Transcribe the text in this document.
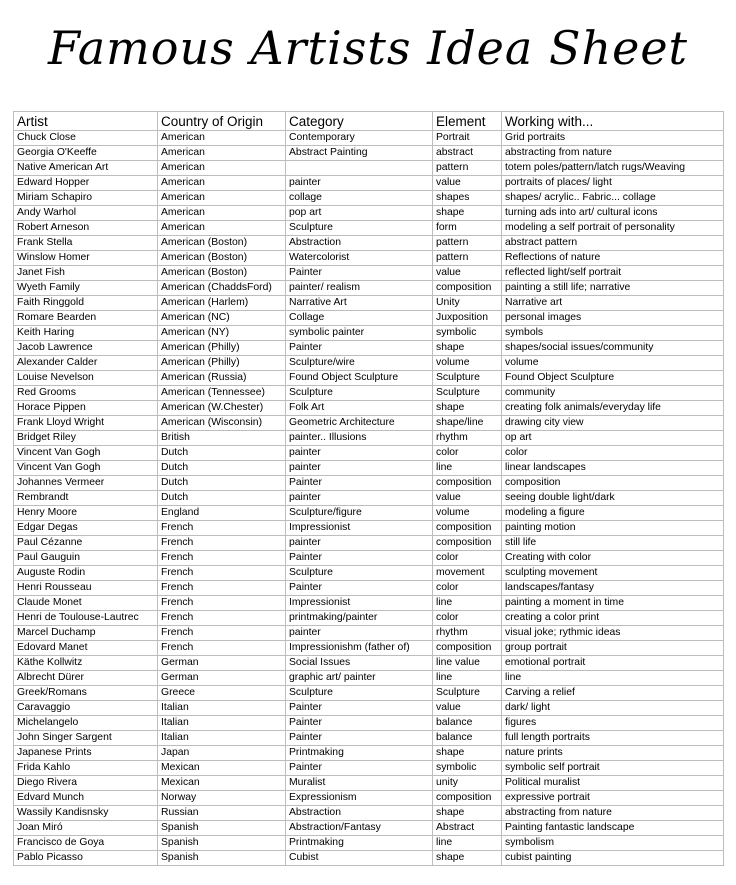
Famous Artists Idea Sheet
Artist	Country of Origin	Category	Element	Working with...
Chuck Close	American	Contemporary	Portrait	Grid portraits
Georgia O'Keeffe	American	Abstract Painting	abstract	abstracting from nature
Native American Art	American		pattern	totem poles/pattern/latch rugs/Weaving
Edward Hopper	American	painter	value	portraits of places/ light
Miriam Schapiro	American	collage	shapes	shapes/ acrylic.. Fabric... collage
Andy Warhol	American	pop art	shape	turning ads into art/ cultural icons
Robert Arneson	American	Sculpture	form	modeling a self portrait of personality
Frank Stella	American (Boston)	Abstraction	pattern	abstract pattern
Winslow Homer	American (Boston)	Watercolorist	pattern	Reflections of nature
Janet Fish	American (Boston)	Painter	value	reflected light/self portrait
Wyeth Family	American (ChaddsFord)	painter/ realism	composition	painting a still life; narrative
Faith Ringgold	American (Harlem)	Narrative Art	Unity	Narrative art
Romare Bearden	American (NC)	Collage	Juxposition	personal images
Keith Haring	American (NY)	symbolic painter	symbolic	symbols
Jacob Lawrence	American (Philly)	Painter	shape	shapes/social issues/community
Alexander Calder	American (Philly)	Sculpture/wire	volume	volume
Louise Nevelson	American (Russia)	Found Object Sculpture	Sculpture	Found Object Sculpture
Red Grooms	American (Tennessee)	Sculpture	Sculpture	community
Horace Pippen	American (W.Chester)	Folk Art	shape	creating folk animals/everyday life
Frank Lloyd Wright	American (Wisconsin)	Geometric Architecture	shape/line	drawing city view
Bridget Riley	British	painter.. Illusions	rhythm	op art
Vincent Van Gogh	Dutch	painter	color	color
Vincent Van Gogh	Dutch	painter	line	linear landscapes
Johannes Vermeer	Dutch	Painter	composition	composition
Rembrandt	Dutch	painter	value	seeing double light/dark
Henry Moore	England	Sculpture/figure	volume	modeling a figure
Edgar Degas	French	Impressionist	composition	painting motion
Paul Cézanne	French	painter	composition	still life
Paul Gauguin	French	Painter	color	Creating with color
Auguste Rodin	French	Sculpture	movement	sculpting movement
Henri Rousseau	French	Painter	color	landscapes/fantasy
Claude Monet	French	Impressionist	line	painting a moment in time
Henri de Toulouse-Lautrec	French	printmaking/painter	color	creating a color print
Marcel Duchamp	French	painter	rhythm	visual joke; rythmic ideas
Edovard Manet	French	Impressionishm (father of)	composition	group portrait
Käthe Kollwitz	German	Social Issues	line value	emotional portrait
Albrecht Dürer	German	graphic art/ painter	line	line
Greek/Romans	Greece	Sculpture	Sculpture	Carving a relief
Caravaggio	Italian	Painter	value	dark/ light
Michelangelo	Italian	Painter	balance	figures
John Singer Sargent	Italian	Painter	balance	full length portraits
Japanese Prints	Japan	Printmaking	shape	nature prints
Frida Kahlo	Mexican	Painter	symbolic	symbolic self portrait
Diego Rivera	Mexican	Muralist	unity	Political muralist
Edvard Munch	Norway	Expressionism	composition	expressive portrait
Wassily Kandisnsky	Russian	Abstraction	shape	abstracting from nature
Joan Miró	Spanish	Abstraction/Fantasy	Abstract	Painting fantastic landscape
Francisco de Goya	Spanish	Printmaking	line	symbolism
Pablo Picasso	Spanish	Cubist	shape	cubist painting
